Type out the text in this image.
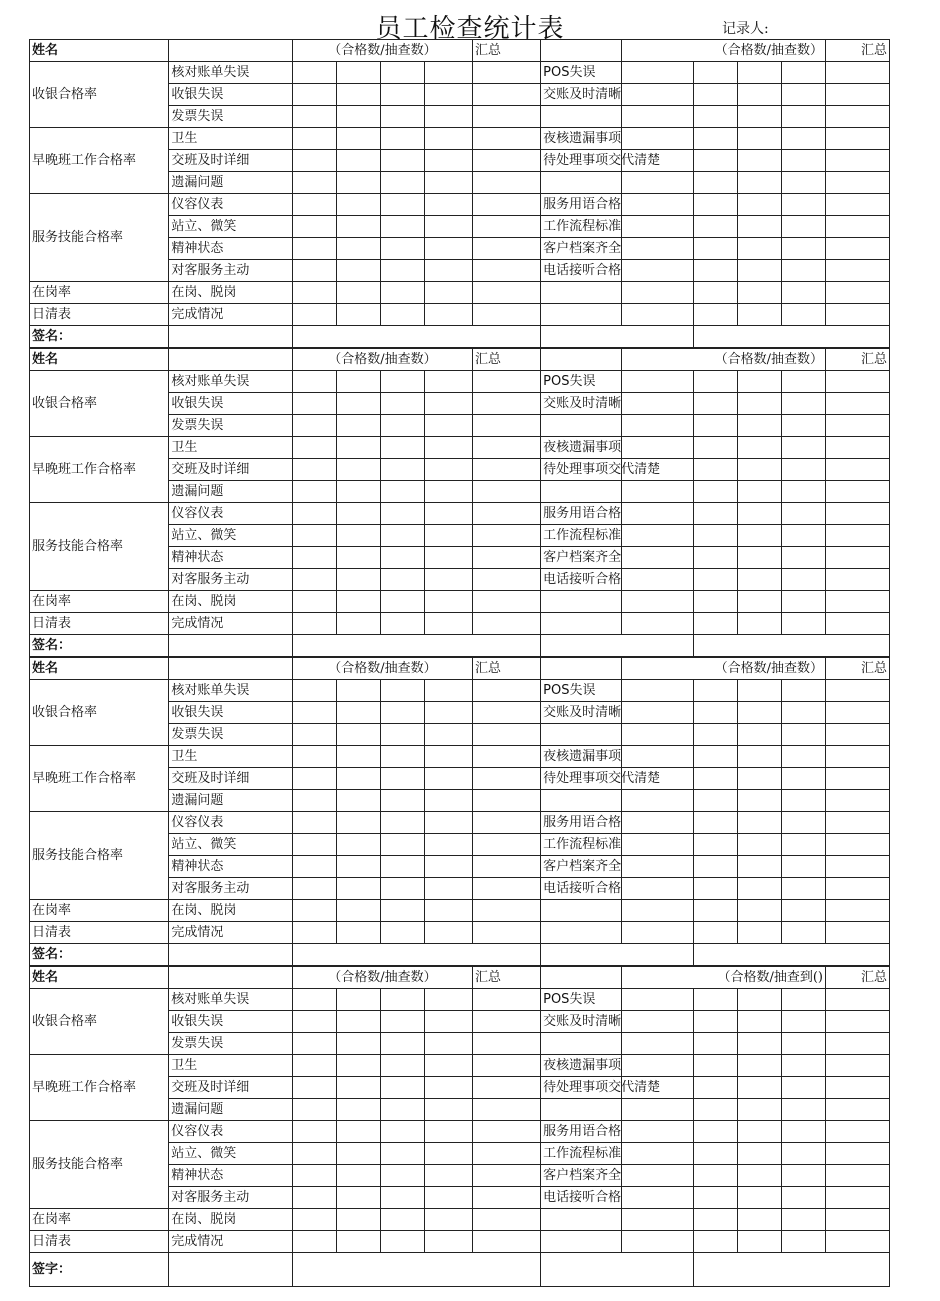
员工检查统计表	记录人:
姓名		（合格数/抽查数）				汇总		（合格数/抽查数）				汇总
收银合格率	核对账单失误						POS失误					
	收银失误						交账及时清晰					
	发票失误											
早晚班工作合格率	卫生						夜核遗漏事项					
	交班及时详细						待处理事项交代清楚					
	遗漏问题											
服务技能合格率	仪容仪表						服务用语合格					
	站立、微笑						工作流程标准					
	精神状态						客户档案齐全					
	对客服务主动						电话接听合格					
在岗率	在岗、脱岗											
日清表	完成情况											
签名：												
姓名		（合格数/抽查数）				汇总		（合格数/抽查数）				汇总
收银合格率	核对账单失误						POS失误					
	收银失误						交账及时清晰					
	发票失误											
早晚班工作合格率	卫生						夜核遗漏事项					
	交班及时详细						待处理事项交代清楚					
	遗漏问题											
服务技能合格率	仪容仪表						服务用语合格					
	站立、微笑						工作流程标准					
	精神状态						客户档案齐全					
	对客服务主动						电话接听合格					
在岗率	在岗、脱岗											
日清表	完成情况											
签名：												
姓名		（合格数/抽查数）				汇总		（合格数/抽查数）				汇总
收银合格率	核对账单失误						POS失误					
	收银失误						交账及时清晰					
	发票失误											
早晚班工作合格率	卫生						夜核遗漏事项					
	交班及时详细						待处理事项交代清楚					
	遗漏问题											
服务技能合格率	仪容仪表						服务用语合格					
	站立、微笑						工作流程标准					
	精神状态						客户档案齐全					
	对客服务主动						电话接听合格					
在岗率	在岗、脱岗											
日清表	完成情况											
签名：												
姓名		（合格数/抽查数）				汇总		（合格数/抽查到()				汇总
收银合格率	核对账单失误						POS失误					
	收银失误						交账及时清晰					
	发票失误											
早晚班工作合格率	卫生						夜核遗漏事项					
	交班及时详细						待处理事项交代清楚					
	遗漏问题											
服务技能合格率	仪容仪表						服务用语合格					
	站立、微笑						工作流程标准					
	精神状态						客户档案齐全					
	对客服务主动						电话接听合格					
在岗率	在岗、脱岗											
日清表	完成情况											
签字：												
